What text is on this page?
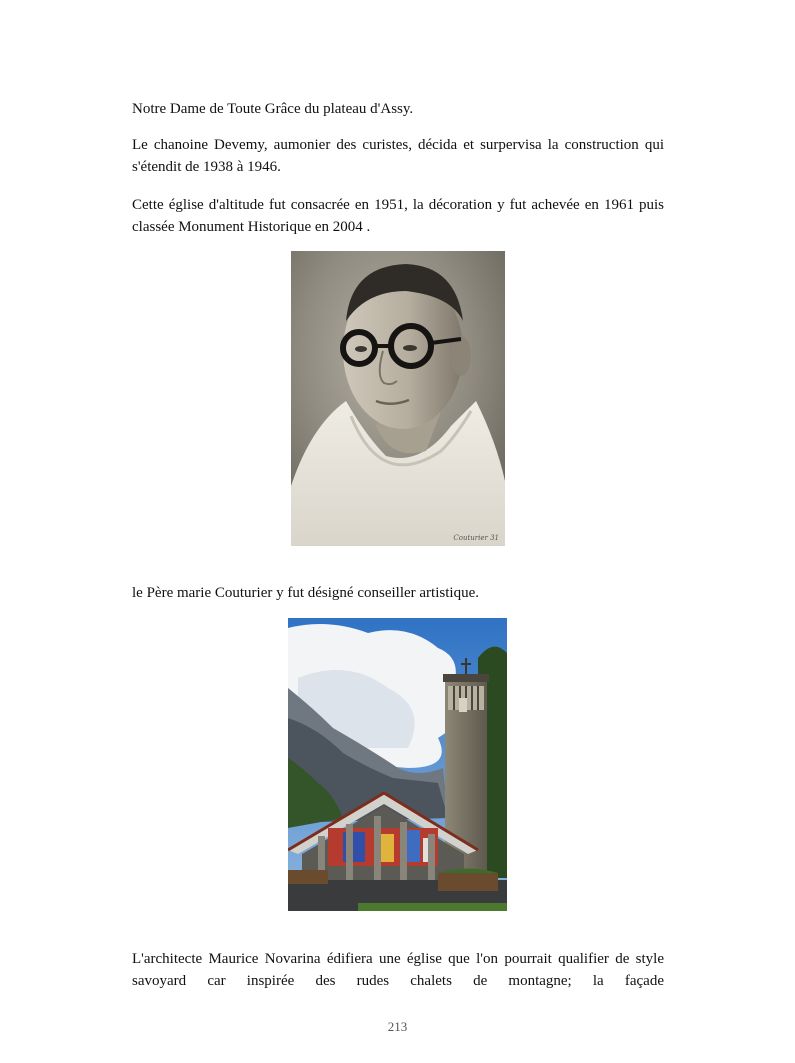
Notre Dame de Toute Grâce du plateau d'Assy.

Le chanoine Devemy, aumonier des curistes, décida et surpervisa la construction qui s'étendit de 1938 à 1946.

Cette église d'altitude fut consacrée en 1951, la décoration y fut achevée en 1961 puis classée Monument Historique en 2004 .

Couturier 31

le Père marie Couturier y fut désigné conseiller artistique.

L'architecte Maurice Novarina édifiera une église que l'on pourrait qualifier de style savoyard car inspirée des rudes chalets de montagne; la façade

213
